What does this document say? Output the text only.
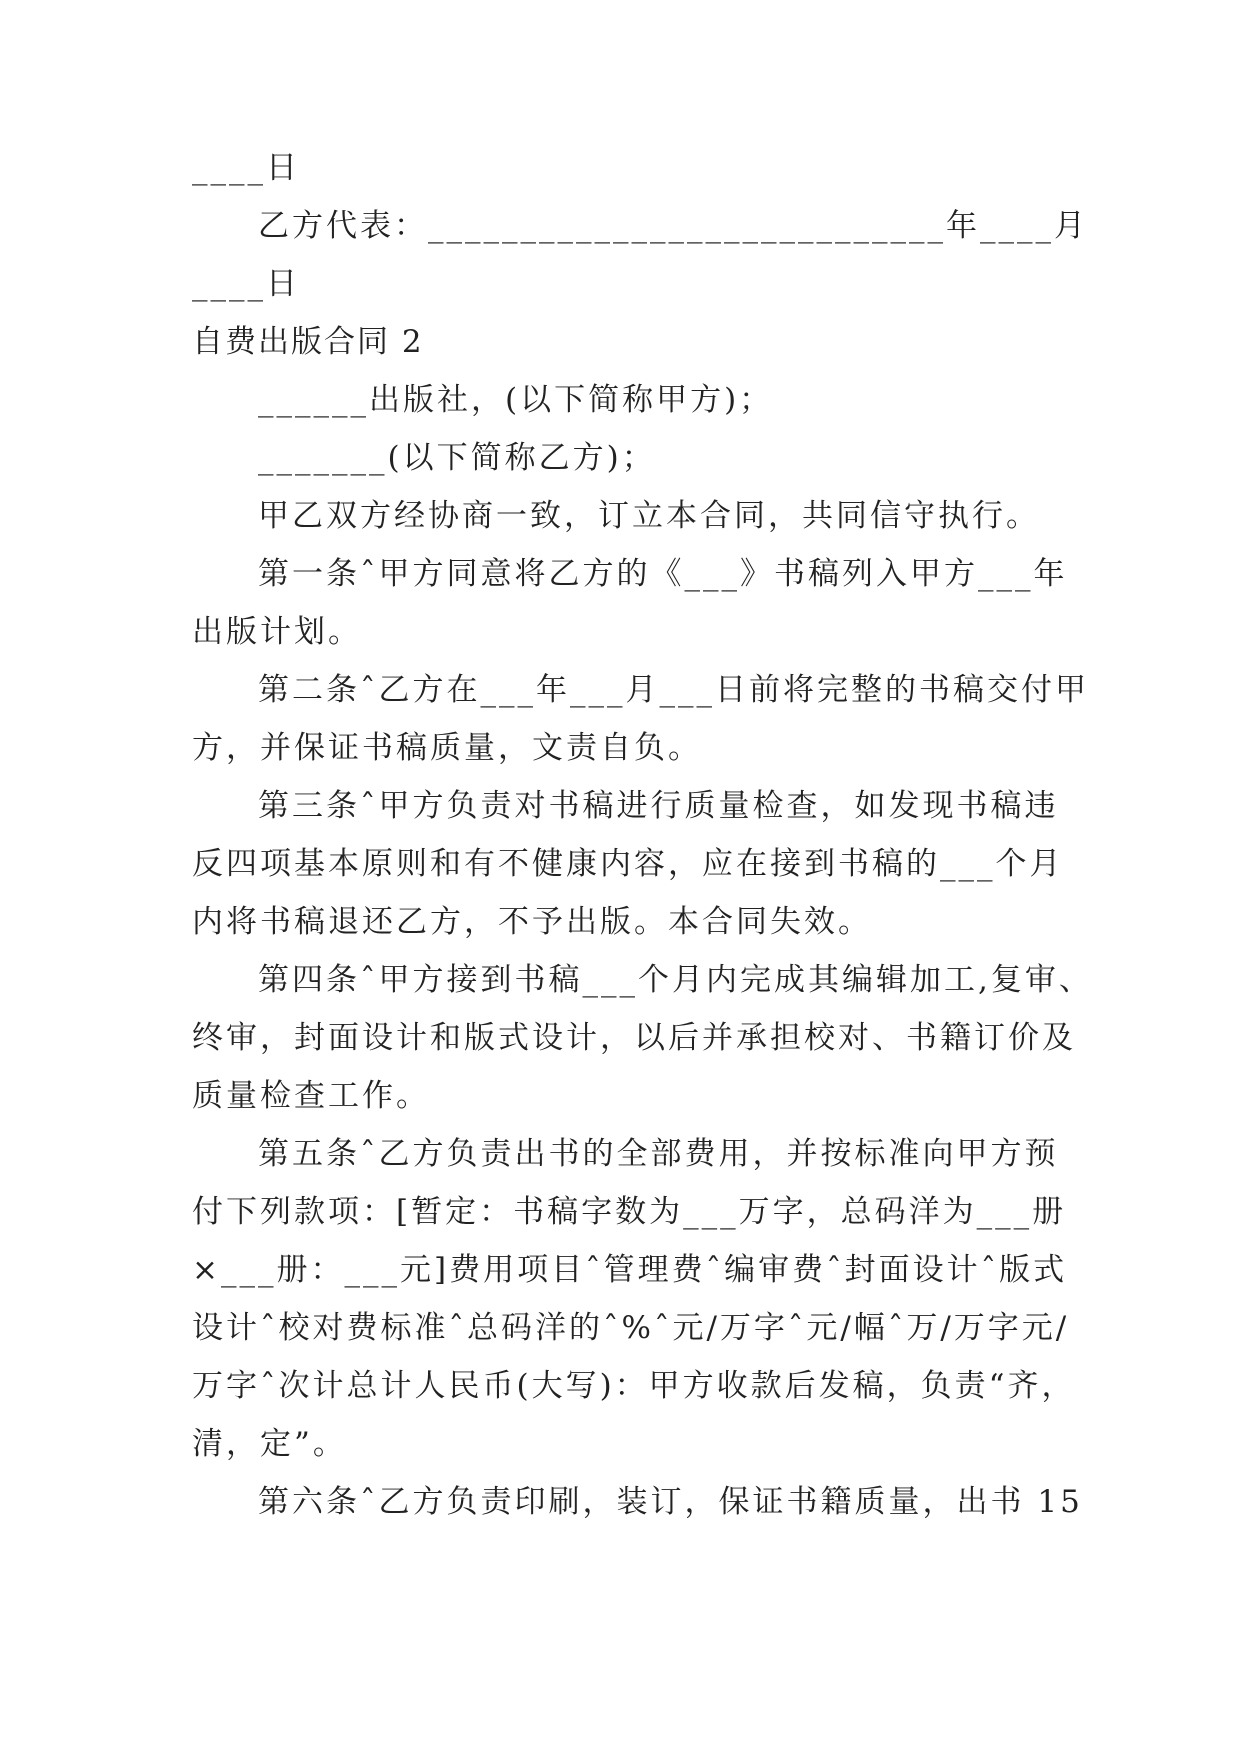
____日
乙方代表：____________________________年____月
____日
自费出版合同 2
______出版社，(以下简称甲方)；
_______(以下简称乙方)；
甲乙双方经协商一致，订立本合同，共同信守执行。
第一条ˆ甲方同意将乙方的《___》书稿列入甲方___年
出版计划。
第二条ˆ乙方在___年___月___日前将完整的书稿交付甲
方，并保证书稿质量，文责自负。
第三条ˆ甲方负责对书稿进行质量检查，如发现书稿违
反四项基本原则和有不健康内容，应在接到书稿的___个月
内将书稿退还乙方，不予出版。本合同失效。
第四条ˆ甲方接到书稿___个月内完成其编辑加工,复审、
终审，封面设计和版式设计，以后并承担校对、书籍订价及
质量检查工作。
第五条ˆ乙方负责出书的全部费用，并按标准向甲方预
付下列款项：[暂定：书稿字数为___万字，总码洋为___册
×___册：___元]费用项目ˆ管理费ˆ编审费ˆ封面设计ˆ版式
设计ˆ校对费标准ˆ总码洋的ˆ%ˆ元/万字ˆ元/幅ˆ万/万字元/
万字ˆ次计总计人民币(大写)：甲方收款后发稿，负责“齐，
清，定”。
第六条ˆ乙方负责印刷，装订，保证书籍质量，出书 15
